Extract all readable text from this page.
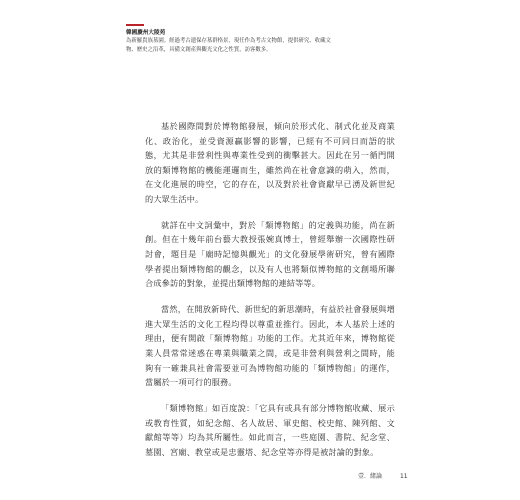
韓國慶州大陵苑
為新羅貴族墓園。經過考古遺保存墓群格景，現任作為考古文物館，提供研究、收藏文物、歷史之沿革，具備文創產與觀光文化之性質，訪客數多。

基於國際間對於博物館發展，傾向於形式化、制式化並及商業化、政治化，並受資源贏影響的影響，已經有不可同日而語的狀態，尤其是非營利性與專業性受到的衝擊甚大。因此在另一循門開放的類博物館的機能運邏而生，雖然尚在社會意識的萌入，然而，在文化進展的時空，它的存在，以及對於社會資獻早已湧及新世紀的大眾生活中。

就詳在中文詞彙中，對於「類博物館」的定義與功能，尚在新創。但在十幾年前台藝大教授張婉真博士，曾經舉辦一次國際性研討會，題目是「廟時記憶與觀光」的文化發展學術研究，曾有國際學者提出類博物館的觀念，以及有人也將類似博物館的文創場所聯合成參訪的對象，並提出類博物館的連結等等。

當然，在開放新時代、新世紀的新思潮時，有益於社會發展與增進大眾生活的文化工程均得以尊重並推行。因此，本人基於上述的理由，便有開啟「類博物館」功能的工作。尤其近年來，博物館從業人員常常迷惑在專業與職業之間，或是非營利與營利之間時，能夠有一確兼具社會需要並可為博物館功能的「類博物館」的運作，當屬於一項可行的服務。

「類博物館」如百度說：「它具有或具有部分博物館收藏、展示或教育性質，如紀念館、名人故居、軍史館、校史館、陳列館、文獻館等等）均為其所屬性。如此而言，一些庭園、書院、紀念堂、墓園、宮廟、教堂或是忠靈塔、紀念堂等亦得是被討論的對象。

壹．緒論	11
